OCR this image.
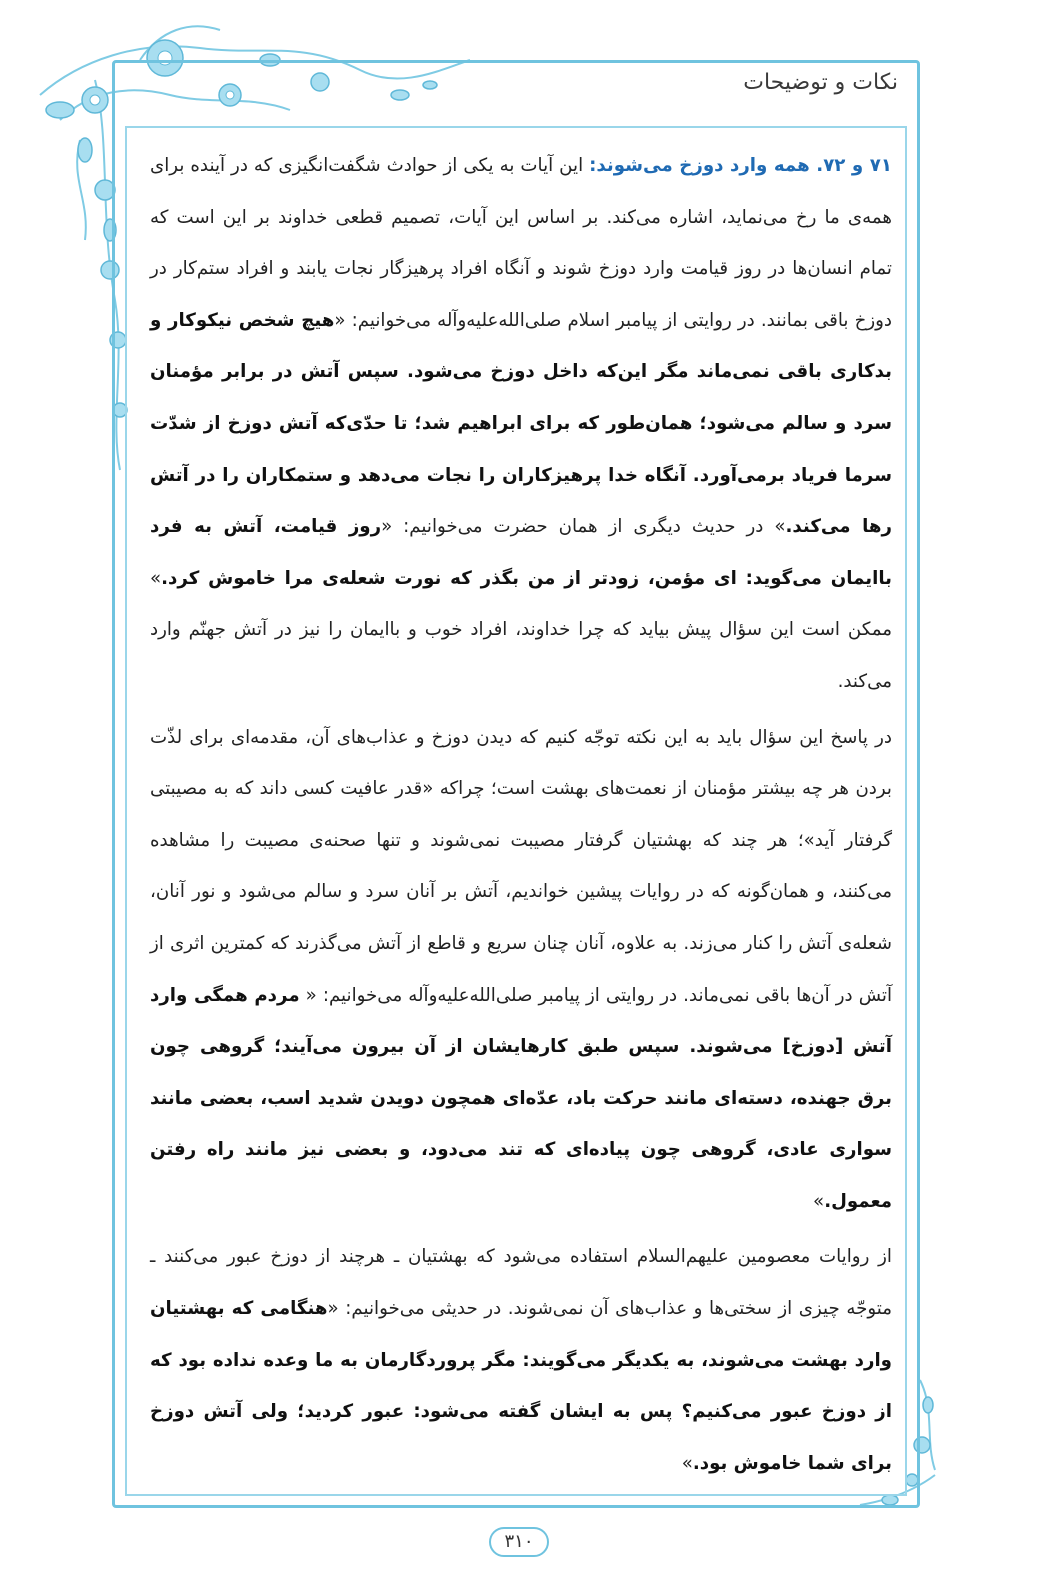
نکات و توضیحات

۷۱ و ۷۲. همه وارد دوزخ می‌شوند: این آیات به یکی از حوادث شگفت‌انگیزی که در آینده برای همه‌ی ما رخ می‌نماید، اشاره می‌کند. بر اساس این آیات، تصمیم قطعی خداوند بر این است که تمام انسان‌ها در روز قیامت وارد دوزخ شوند و آنگاه افراد پرهیزگار نجات یابند و افراد ستم‌کار در دوزخ باقی بمانند. در روایتی از پیامبر اسلام صلی‌الله‌علیه‌وآله می‌خوانیم: «هیچ شخص نیکوکار و بدکاری باقی نمی‌ماند مگر این‌که داخل دوزخ می‌شود. سپس آتش در برابر مؤمنان سرد و سالم می‌شود؛ همان‌طور که برای ابراهیم شد؛ تا حدّی‌که آتش دوزخ از شدّت سرما فریاد برمی‌آورد. آنگاه خدا پرهیزکاران را نجات می‌دهد و ستمکاران را در آتش رها می‌کند.» در حدیث دیگری از همان حضرت می‌خوانیم: «روز قیامت، آتش به فرد باایمان می‌گوید: ای مؤمن، زودتر از من بگذر که نورت شعله‌ی مرا خاموش کرد.» ممکن است این سؤال پیش بیاید که چرا خداوند، افراد خوب و باایمان را نیز در آتش جهنّم وارد می‌کند.

در پاسخ این سؤال باید به این نکته توجّه کنیم که دیدن دوزخ و عذاب‌های آن، مقدمه‌ای برای لذّت بردن هر چه بیشتر مؤمنان از نعمت‌های بهشت است؛ چراکه «قدر عافیت کسی داند که به مصیبتی گرفتار آید»؛ هر چند که بهشتیان گرفتار مصیبت نمی‌شوند و تنها صحنه‌ی مصیبت را مشاهده می‌کنند، و همان‌گونه که در روایات پیشین خواندیم، آتش بر آنان سرد و سالم می‌شود و نور آنان، شعله‌ی آتش را کنار می‌زند. به علاوه، آنان چنان سریع و قاطع از آتش می‌گذرند که کمترین اثری از آتش در آن‌ها باقی نمی‌ماند. در روایتی از پیامبر صلی‌الله‌علیه‌وآله می‌خوانیم: « مردم همگی وارد آتش [دوزخ] می‌شوند. سپس طبق کارهایشان از آن بیرون می‌آیند؛ گروهی چون برق جهنده، دسته‌ای مانند حرکت باد، عدّه‌ای همچون دویدن شدید اسب، بعضی مانند سواری عادی، گروهی چون پیاده‌ای که تند می‌دود، و بعضی نیز مانند راه رفتن معمول.»

از روایات معصومین علیهم‌السلام استفاده می‌شود که بهشتیان ـ هرچند از دوزخ عبور می‌کنند ـ متوجّه چیزی از سختی‌ها و عذاب‌های آن نمی‌شوند. در حدیثی می‌خوانیم: «هنگامی که بهشتیان وارد بهشت می‌شوند، به یکدیگر می‌گویند: مگر پروردگارمان به ما وعده نداده بود که از دوزخ عبور می‌کنیم؟ پس به ایشان گفته می‌شود: عبور کردید؛ ولی آتش دوزخ برای شما خاموش بود.»

۳۱۰
